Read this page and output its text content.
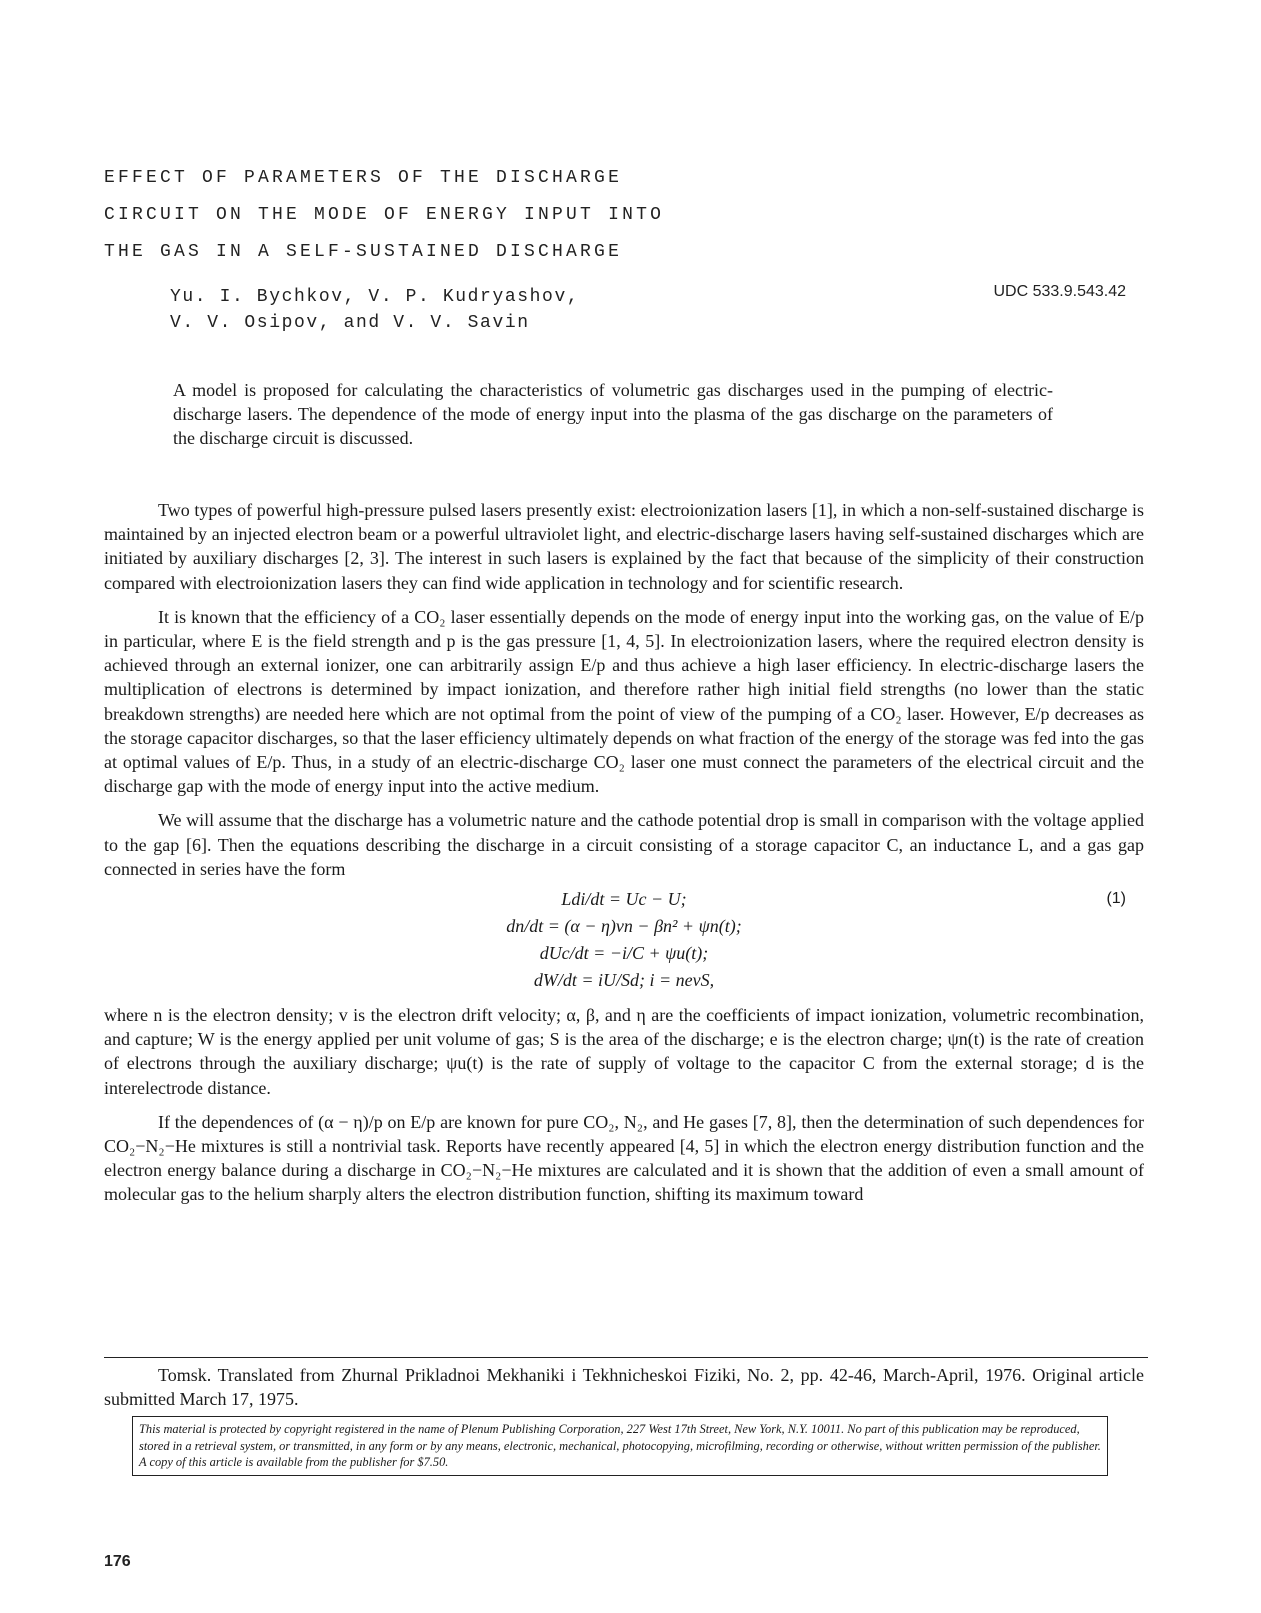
EFFECT OF PARAMETERS OF THE DISCHARGE
CIRCUIT ON THE MODE OF ENERGY INPUT INTO
THE GAS IN A SELF-SUSTAINED DISCHARGE
Yu. I. Bychkov, V. P. Kudryashov,
V. V. Osipov, and V. V. Savin
UDC 533.9.543.42
A model is proposed for calculating the characteristics of volumetric gas discharges used in the pumping of electric-discharge lasers. The dependence of the mode of energy input into the plasma of the gas discharge on the parameters of the discharge circuit is discussed.

Two types of powerful high-pressure pulsed lasers presently exist: electroionization lasers [1], in which a non-self-sustained discharge is maintained by an injected electron beam or a powerful ultraviolet light, and electric-discharge lasers having self-sustained discharges which are initiated by auxiliary discharges [2, 3]. The interest in such lasers is explained by the fact that because of the simplicity of their construction compared with electroionization lasers they can find wide application in technology and for scientific research.

It is known that the efficiency of a CO₂ laser essentially depends on the mode of energy input into the working gas, on the value of E/p in particular, where E is the field strength and p is the gas pressure [1, 4, 5]. In electroionization lasers, where the required electron density is achieved through an external ionizer, one can arbitrarily assign E/p and thus achieve a high laser efficiency. In electric-discharge lasers the multiplication of electrons is determined by impact ionization, and therefore rather high initial field strengths (no lower than the static breakdown strengths) are needed here which are not optimal from the point of view of the pumping of a CO₂ laser. However, E/p decreases as the storage capacitor discharges, so that the laser efficiency ultimately depends on what fraction of the energy of the storage was fed into the gas at optimal values of E/p. Thus, in a study of an electric-discharge CO₂ laser one must connect the parameters of the electrical circuit and the discharge gap with the mode of energy input into the active medium.

We will assume that the discharge has a volumetric nature and the cathode potential drop is small in comparison with the voltage applied to the gap [6]. Then the equations describing the discharge in a circuit consisting of a storage capacitor C, an inductance L, and a gas gap connected in series have the form

Ldi/dt = Uc − U;
dn/dt = (α − η)vn − βn² + ψn(t);
dUc/dt = −i/C + ψu(t);
dW/dt = iU/Sd; i = nevS,
(1)

where n is the electron density; v is the electron drift velocity; α, β, and η are the coefficients of impact ionization, volumetric recombination, and capture; W is the energy applied per unit volume of gas; S is the area of the discharge; e is the electron charge; ψn(t) is the rate of creation of electrons through the auxiliary discharge; ψu(t) is the rate of supply of voltage to the capacitor C from the external storage; d is the interelectrode distance.

If the dependences of (α − η)/p on E/p are known for pure CO₂, N₂, and He gases [7, 8], then the determination of such dependences for CO₂−N₂−He mixtures is still a nontrivial task. Reports have recently appeared [4, 5] in which the electron energy distribution function and the electron energy balance during a discharge in CO₂−N₂−He mixtures are calculated and it is shown that the addition of even a small amount of molecular gas to the helium sharply alters the electron distribution function, shifting its maximum toward

Tomsk. Translated from Zhurnal Prikladnoi Mekhaniki i Tekhnicheskoi Fiziki, No. 2, pp. 42-46, March-April, 1976. Original article submitted March 17, 1975.
This material is protected by copyright registered in the name of Plenum Publishing Corporation, 227 West 17th Street, New York, N.Y. 10011. No part of this publication may be reproduced, stored in a retrieval system, or transmitted, in any form or by any means, electronic, mechanical, photocopying, microfilming, recording or otherwise, without written permission of the publisher. A copy of this article is available from the publisher for $7.50.
176
